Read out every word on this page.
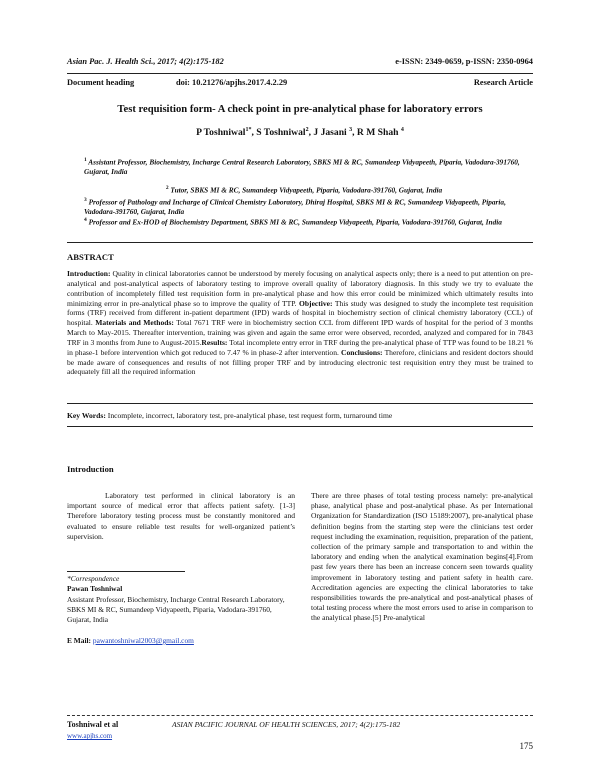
Asian Pac. J. Health Sci., 2017; 4(2):175-182	e-ISSN: 2349-0659, p-ISSN: 2350-0964
Document heading	doi: 10.21276/apjhs.2017.4.2.29	Research Article
Test requisition form- A check point in pre-analytical phase for laboratory errors
P Toshniwal$^{1*}$, S Toshniwal$^2$, J Jasani $^3$, R M Shah $^4$
$^1$ Assistant Professor, Biochemistry, Incharge Central Research Laboratory, SBKS MI & RC, Sumandeep Vidyapeeth, Piparia, Vadodara-391760, Gujarat, India
$^2$ Tutor, SBKS MI & RC, Sumandeep Vidyapeeth, Piparia, Vadodara-391760, Gujarat, India
$^3$ Professor of Pathology and Incharge of Clinical Chemistry Laboratory, Dhiraj Hospital, SBKS MI & RC, Sumandeep Vidyapeeth, Piparia, Vadodara-391760, Gujarat, India
$^4$ Professor and Ex-HOD of Biochemistry Department, SBKS MI & RC, Sumandeep Vidyapeeth, Piparia, Vadodara-391760, Gujarat, India
ABSTRACT
Introduction: Quality in clinical laboratories cannot be understood by merely focusing on analytical aspects only; there is a need to put attention on pre-analytical and post-analytical aspects of laboratory testing to improve overall quality of laboratory diagnosis. In this study we try to evaluate the contribution of incompletely filled test requisition form in pre-analytical phase and how this error could be minimized which ultimately results into minimizing error in pre-analytical phase so to improve the quality of TTP. Objective: This study was designed to study the incomplete test requisition forms (TRF) received from different in-patient department (IPD) wards of hospital in biochemistry section of clinical chemistry laboratory (CCL) of hospital. Materials and Methods: Total 7671 TRF were in biochemistry section CCL from different IPD wards of hospital for the period of 3 months March to May-2015. Thereafter intervention, training was given and again the same error were observed, recorded, analyzed and compared for in 7843 TRF in 3 months from June to August-2015.Results: Total incomplete entry error in TRF during the pre-analytical phase of TTP was found to be 18.21 % in phase-1 before intervention which got reduced to 7.47 % in phase-2 after intervention. Conclusions: Therefore, clinicians and resident doctors should be made aware of consequences and results of not filling proper TRF and by introducing electronic test requisition entry they must be trained to adequately fill all the required information
Key Words: Incomplete, incorrect, laboratory test, pre-analytical phase, test request form, turnaround time
Introduction
Laboratory test performed in clinical laboratory is an important source of medical error that affects patient safety. [1-3] Therefore laboratory testing process must be constantly monitored and evaluated to ensure reliable test results for well-organized patient’s supervision.
There are three phases of total testing process namely: pre-analytical phase, analytical phase and post-analytical phase. As per International Organization for Standardization (ISO 15189:2007), pre-analytical phase definition begins from the starting step were the clinicians test order request including the examination, requisition, preparation of the patient, collection of the primary sample and transportation to and within the laboratory and ending when the analytical examination begins[4].From past few years there has been an increase concern seen towards quality improvement in laboratory testing and patient safety in health care. Accreditation agencies are expecting the clinical laboratories to take responsibilities towards the pre-analytical and post-analytical phases of total testing process where the most errors used to arise in comparison to the analytical phase.[5] Pre-analytical
*Correspondence
Pawan Toshniwal
Assistant Professor, Biochemistry, Incharge Central Research Laboratory, SBKS MI & RC, Sumandeep Vidyapeeth, Piparia, Vadodara-391760, Gujarat, India
E Mail: pawantoshniwal2003@gmail.com
Toshniwal et al	ASIAN PACIFIC JOURNAL OF HEALTH SCIENCES, 2017; 4(2):175-182
www.apjhs.com
175
